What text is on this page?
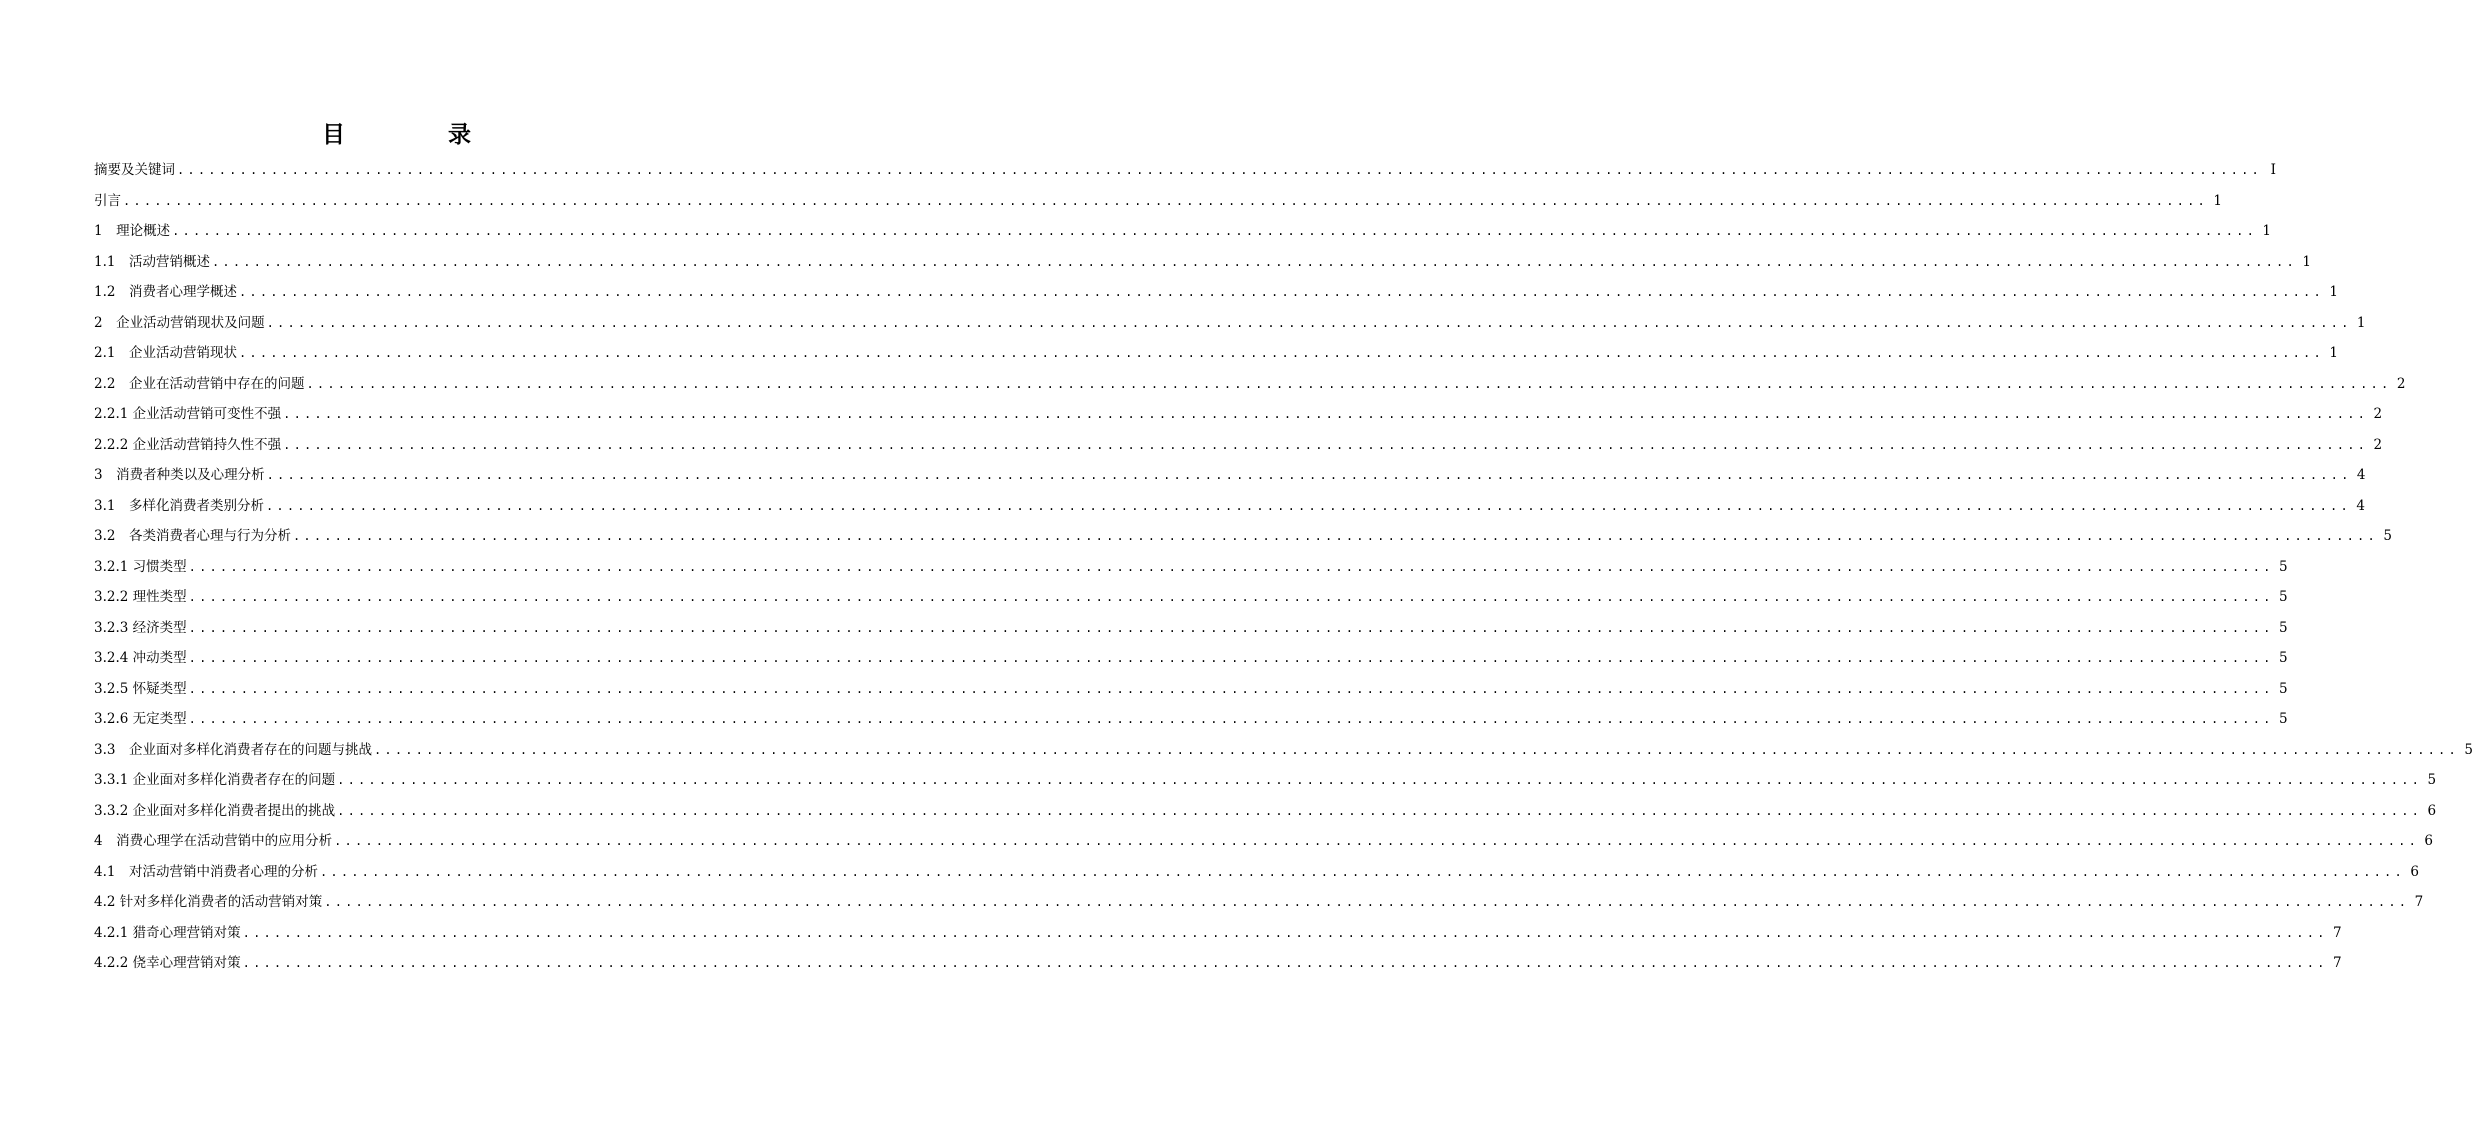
目　录
摘要及关键词 ........................................................................................................................................................................................................ I
引言 ........................................................................................................................................................................................................ 1
1　理论概述 ........................................................................................................................................................................................................ 1
1.1　活动营销概述 ........................................................................................................................................................................................................ 1
1.2　消费者心理学概述 ........................................................................................................................................................................................................ 1
2　企业活动营销现状及问题 ........................................................................................................................................................................................................ 1
2.1　企业活动营销现状 ........................................................................................................................................................................................................ 1
2.2　企业在活动营销中存在的问题 ........................................................................................................................................................................................................ 2
2.2.1 企业活动营销可变性不强 ........................................................................................................................................................................................................ 2
2.2.2 企业活动营销持久性不强 ........................................................................................................................................................................................................ 2
3　消费者种类以及心理分析 ........................................................................................................................................................................................................ 4
3.1　多样化消费者类别分析 ........................................................................................................................................................................................................ 4
3.2　各类消费者心理与行为分析 ........................................................................................................................................................................................................ 5
3.2.1 习惯类型 ........................................................................................................................................................................................................ 5
3.2.2 理性类型 ........................................................................................................................................................................................................ 5
3.2.3 经济类型 ........................................................................................................................................................................................................ 5
3.2.4 冲动类型 ........................................................................................................................................................................................................ 5
3.2.5 怀疑类型 ........................................................................................................................................................................................................ 5
3.2.6 无定类型 ........................................................................................................................................................................................................ 5
3.3　企业面对多样化消费者存在的问题与挑战 ........................................................................................................................................................................................................ 5
3.3.1 企业面对多样化消费者存在的问题 ........................................................................................................................................................................................................ 5
3.3.2 企业面对多样化消费者提出的挑战 ........................................................................................................................................................................................................ 6
4　消费心理学在活动营销中的应用分析 ........................................................................................................................................................................................................ 6
4.1　对活动营销中消费者心理的分析 ........................................................................................................................................................................................................ 6
4.2 针对多样化消费者的活动营销对策 ........................................................................................................................................................................................................ 7
4.2.1 猎奇心理营销对策 ........................................................................................................................................................................................................ 7
4.2.2 侥幸心理营销对策 ........................................................................................................................................................................................................ 7
